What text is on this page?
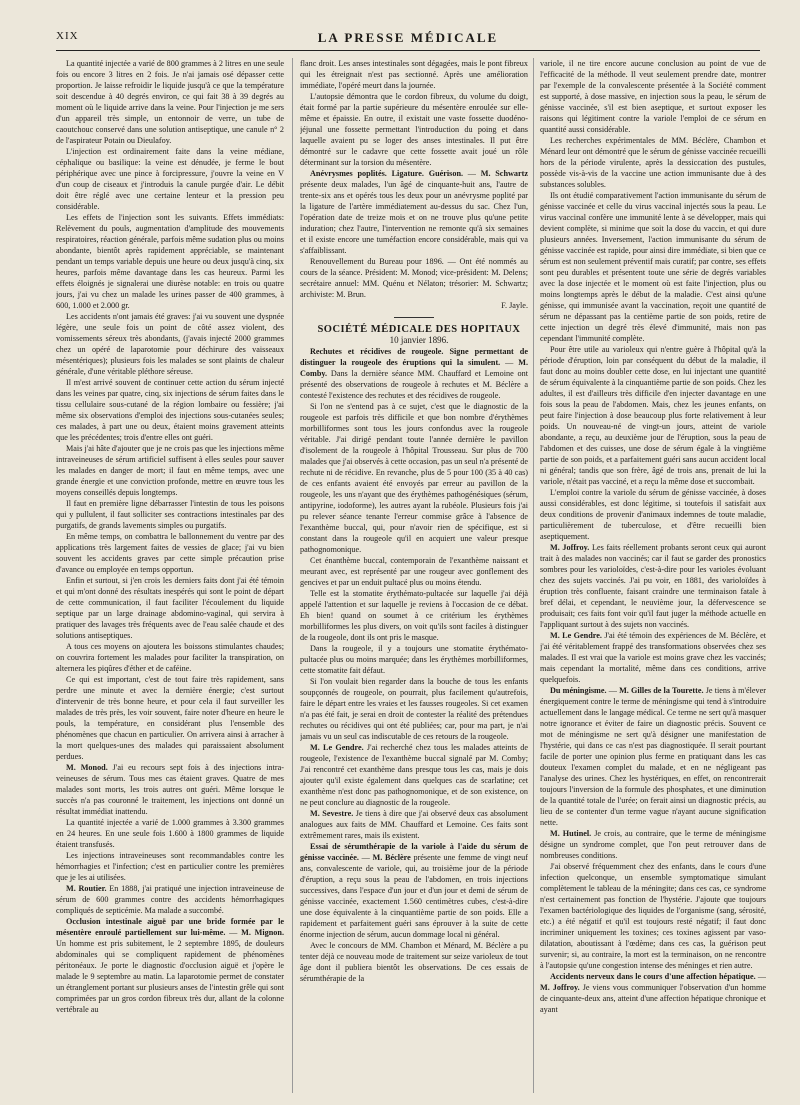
XIX	LA PRESSE MÉDICALE

La quantité injectée a varié de 800 grammes à 2 litres en une seule fois ou encore 3 litres en 2 fois. Je n'ai jamais osé dépasser cette proportion. Je laisse refroidir le liquide jusqu'à ce que la température soit descendue à 40 degrés environ, ce qui fait 38 à 39 degrés au moment où le liquide arrive dans la veine. Pour l'injection je me sers d'un appareil très simple, un entonnoir de verre, un tube de caoutchouc conservé dans une solution antiseptique, une canule n° 2 de l'aspirateur Potain ou Dieulafoy.

L'injection est ordinairement faite dans la veine médiane, céphalique ou basilique: la veine est dénudée, je ferme le bout périphérique avec une pince à forcipressure, j'ouvre la veine en V d'un coup de ciseaux et j'introduis la canule purgée d'air. Le débit doit être réglé avec une certaine lenteur et la pression peu considérable.

Les effets de l'injection sont les suivants. Effets immédiats: Relèvement du pouls, augmentation d'amplitude des mouvements respiratoires, réaction générale, parfois même sudation plus ou moins abondante, bientôt après rapidement appréciable, se maintenant pendant un temps variable depuis une heure ou deux jusqu'à cinq, six heures, parfois même davantage dans les cas heureux. Parmi les effets éloignés je signalerai une diurèse notable: en trois ou quatre jours, j'ai vu chez un malade les urines passer de 400 grammes, à 600, 1.000 et 2.000 gr.

Les accidents n'ont jamais été graves: j'ai vu souvent une dyspnée légère, une seule fois un point de côté assez violent, des vomissements séreux très abondants, (j'avais injecté 2000 grammes chez un opéré de laparotomie pour déchirure des vaisseaux mésentériques); plusieurs fois les malades se sont plaints de chaleur générale, d'une véritable pléthore séreuse.

Il m'est arrivé souvent de continuer cette action du sérum injecté dans les veines par quatre, cinq, six injections de sérum faites dans le tissu cellulaire sous-cutané de la région lombaire ou fessière; j'ai même six observations d'emploi des injections sous-cutanées seules; ces malades, à part une ou deux, étaient moins gravement atteints que les précédentes; trois d'entre elles ont guéri.

Mais j'ai hâte d'ajouter que je ne crois pas que les injections même intraveineuses de sérum artificiel suffisent à elles seules pour sauver les malades en danger de mort; il faut en même temps, avec une grande énergie et une conviction profonde, mettre en œuvre tous les moyens conseillés depuis longtemps.

Il faut en première ligne débarrasser l'intestin de tous les poisons qui y pullulent, il faut solliciter ses contractions intestinales par des purgatifs, de grands lavements simples ou purgatifs.

En même temps, on combattra le ballonnement du ventre par des applications très largement faites de vessies de glace; j'ai vu bien souvent les accidents graves par cette simple précaution prise d'avance ou employée en temps opportun.

Enfin et surtout, si j'en crois les derniers faits dont j'ai été témoin et qui m'ont donné des résultats inespérés qui sont le point de départ de cette communication, il faut faciliter l'écoulement du liquide septique par un large drainage abdomino-vaginal, qui servira à pratiquer des lavages très fréquents avec de l'eau salée chaude et des solutions antiseptiques.

A tous ces moyens on ajoutera les boissons stimulantes chaudes; on couvrira fortement les malades pour faciliter la transpiration, on alternera les piqûres d'éther et de caféine.

Ce qui est important, c'est de tout faire très rapidement, sans perdre une minute et avec la dernière énergie; c'est surtout d'intervenir de très bonne heure, et pour cela il faut surveiller les malades de très près, les voir souvent, faire noter d'heure en heure le pouls, la température, en considérant plus l'ensemble des phénomènes que chacun en particulier. On arrivera ainsi à arracher à la mort quelques-unes des malades qui paraissaient absolument perdues.

M. Monod. J'ai eu recours sept fois à des injections intra-veineuses de sérum. Tous mes cas étaient graves. Quatre de mes malades sont morts, les trois autres ont guéri. Même lorsque le succès n'a pas couronné le traitement, les injections ont donné un résultat immédiat inattendu.

La quantité injectée a varié de 1.000 grammes à 3.300 grammes en 24 heures. En une seule fois 1.600 à 1800 grammes de liquide étaient transfusés.

Les injections intraveineuses sont recommandables contre les hémorrhagies et l'infection; c'est en particulier contre les premières que je les ai utilisées.

M. Routier. En 1888, j'ai pratiqué une injection intraveineuse de sérum de 600 grammes contre des accidents hémorrhagiques compliqués de septicémie. Ma malade a succombé.

Occlusion intestinale aiguë par une bride formée par le mésentère enroulé partiellement sur lui-même. — M. Mignon. Un homme est pris subitement, le 2 septembre 1895, de douleurs abdominales qui se compliquent rapidement de phénomènes péritonéaux. Je porte le diagnostic d'occlusion aiguë et j'opère le malade le 9 septembre au matin. La laparotomie permet de constater un étranglement portant sur plusieurs anses de l'intestin grêle qui sont comprimées par un gros cordon fibreux très dur, allant de la colonne vertébrale au

flanc droit. Les anses intestinales sont dégagées, mais le pont fibreux qui les étreignait n'est pas sectionné. Après une amélioration immédiate, l'opéré meurt dans la journée.

L'autopsie démontra que le cordon fibreux, du volume du doigt, était formé par la partie supérieure du mésentère enroulée sur elle-même et épaissie. En outre, il existait une vaste fossette duodéno-jéjunal une fossette permettant l'introduction du poing et dans laquelle avaient pu se loger des anses intestinales. Il put être démontré sur le cadavre que cette fossette avait joué un rôle déterminant sur la torsion du mésentère.

Anévrysmes poplités. Ligature. Guérison. — M. Schwartz présente deux malades, l'un âgé de cinquante-huit ans, l'autre de trente-six ans et opérés tous les deux pour un anévrysme poplité par la ligature de l'artère immédiatement au-dessus du sac. Chez l'un, l'opération date de treize mois et on ne trouve plus qu'une petite induration; chez l'autre, l'intervention ne remonte qu'à six semaines et il existe encore une tuméfaction encore considérable, mais qui va s'affaiblissant.

Renouvellement du Bureau pour 1896. — Ont été nommés au cours de la séance. Président: M. Monod; vice-président: M. Delens; secrétaire annuel: MM. Quénu et Nélaton; trésorier: M. Schwartz; archiviste: M. Brun.

F. Jayle.

SOCIÉTÉ MÉDICALE DES HOPITAUX

10 janvier 1896.

Rechutes et récidives de rougeole. Signe permettant de distinguer la rougeole des éruptions qui la simulent. — M. Comby. Dans la dernière séance MM. Chauffard et Lemoine ont présenté des observations de rougeole à rechutes et M. Béclère a contesté l'existence des rechutes et des récidives de rougeole.

Si l'on ne s'entend pas à ce sujet, c'est que le diagnostic de la rougeole est parfois très difficile et que bon nombre d'érythèmes morbilliformes sont tous les jours confondus avec la rougeole véritable. J'ai dirigé pendant toute l'année dernière le pavillon d'isolement de la rougeole à l'hôpital Trousseau. Sur plus de 700 malades que j'ai observés à cette occasion, pas un seul n'a présenté de rechute ni de récidive. En revanche, plus de 5 pour 100 (35 à 40 cas) de ces enfants avaient été envoyés par erreur au pavillon de la rougeole, les uns n'ayant que des érythèmes pathogénésiques (sérum, antipyrine, iodoforme), les autres ayant la rubéole. Plusieurs fois j'ai pu relever séance tenante l'erreur commise grâce à l'absence de l'exanthème buccal, qui, pour n'avoir rien de spécifique, est si constant dans la rougeole qu'il en acquiert une valeur presque pathognomonique.

Cet énanthème buccal, contemporain de l'exanthème naissant et meurant avec, est représenté par une rougeur avec gonflement des gencives et par un enduit pultacé plus ou moins étendu.

Telle est la stomatite érythémato-pultacée sur laquelle j'ai déjà appelé l'attention et sur laquelle je reviens à l'occasion de ce débat. Eh bien! quand on soumet à ce critérium les érythèmes morbilliformes les plus divers, on voit qu'ils sont faciles à distinguer de la rougeole, dont ils ont pris le masque.

Dans la rougeole, il y a toujours une stomatite érythémato-pultacée plus ou moins marquée; dans les érythèmes morbilliformes, cette stomatite fait défaut.

Si l'on voulait bien regarder dans la bouche de tous les enfants soupçonnés de rougeole, on pourrait, plus facilement qu'autrefois, faire le départ entre les vraies et les fausses rougeoles. Si cet examen n'a pas été fait, je serai en droit de contester la réalité des prétendues rechutes ou récidives qui ont été publiées; car, pour ma part, je n'ai jamais vu un seul cas indiscutable de ces retours de la rougeole.

M. Le Gendre. J'ai recherché chez tous les malades atteints de rougeole, l'existence de l'exanthème buccal signalé par M. Comby; J'ai rencontré cet exanthème dans presque tous les cas, mais je dois ajouter qu'il existe également dans quelques cas de scarlatine; cet exanthème n'est donc pas pathognomonique, et de son existence, on ne peut conclure au diagnostic de la rougeole.

M. Sevestre. Je tiens à dire que j'ai observé deux cas absolument analogues aux faits de MM. Chauffard et Lemoine. Ces faits sont extrêmement rares, mais ils existent.

Essai de sérumthérapie de la variole à l'aide du sérum de génisse vaccinée. — M. Béclère présente une femme de vingt neuf ans, convalescente de variole, qui, au troisième jour de la période d'éruption, a reçu sous la peau de l'abdomen, en trois injections successives, dans l'espace d'un jour et d'un jour et demi de sérum de génisse vaccinée, exactement 1.560 centimètres cubes, c'est-à-dire une dose équivalente à la cinquantième partie de son poids. Elle a rapidement et parfaitement guéri sans éprouver à la suite de cette énorme injection de sérum, aucun dommage local ni général.

Avec le concours de MM. Chambon et Ménard, M. Béclère a pu tenter déjà ce nouveau mode de traitement sur seize varioleux de tout âge dont il publiera bientôt les observations. De ces essais de sérumthérapie de la

variole, il ne tire encore aucune conclusion au point de vue de l'efficacité de la méthode. Il veut seulement prendre date, montrer par l'exemple de la convalescente présentée à la Société comment est supporté, à dose massive, en injection sous la peau, le sérum de génisse vaccinée, s'il est bien aseptique, et surtout exposer les raisons qui légitiment contre la variole l'emploi de ce sérum en quantité aussi considérable.

Les recherches expérimentales de MM. Béclère, Chambon et Ménard leur ont démontré que le sérum de génisse vaccinée recueilli hors de la période virulente, après la dessiccation des pustules, possède vis-à-vis de la vaccine une action immunisante due à des substances solubles.

Ils ont étudié comparativement l'action immunisante du sérum de génisse vaccinée et celle du virus vaccinal injectés sous la peau. Le virus vaccinal confère une immunité lente à se développer, mais qui devient complète, si minime que soit la dose du vaccin, et qui dure plusieurs années. Inversement, l'action immunisante du sérum de génisse vaccinée est rapide, pour ainsi dire immédiate, si bien que ce sérum est non seulement préventif mais curatif; par contre, ses effets sont peu durables et présentent toute une série de degrés variables avec la dose injectée et le moment où est faite l'injection, plus ou moins longtemps après le début de la maladie. C'est ainsi qu'une génisse, qui immunisée avant la vaccination, reçoit une quantité de sérum ne dépassant pas la centième partie de son poids, retire de cette injection un degré très élevé d'immunité, mais non pas cependant l'immunité complète.

Pour être utile au varioleux qui n'entre guère à l'hôpital qu'à la période d'éruption, loin par conséquent du début de la maladie, il faut donc au moins doubler cette dose, en lui injectant une quantité de sérum équivalente à la cinquantième partie de son poids. Chez les adultes, il est d'ailleurs très difficile d'en injecter davantage en une fois sous la peau de l'abdomen. Mais, chez les jeunes enfants, on peut faire l'injection à dose beaucoup plus forte relativement à leur poids. Un nouveau-né de vingt-un jours, atteint de variole abondante, a reçu, au deuxième jour de l'éruption, sous la peau de l'abdomen et des cuisses, une dose de sérum égale à la vingtième partie de son poids, et a parfaitement guéri sans aucun accident local ni général; tandis que son frère, âgé de trois ans, prenait de lui la variole, n'était pas vacciné, et a reçu la même dose et succombait.

L'emploi contre la variole du sérum de génisse vaccinée, à doses aussi considérables, est donc légitime, si toutefois il satisfait aux deux conditions de provenir d'animaux indemnes de toute maladie, particulièrement de tuberculose, et d'être recueilli bien aseptiquement.

M. Joffroy. Les faits réellement probants seront ceux qui auront trait à des malades non vaccinés; car il faut se garder des pronostics sombres pour les varioloïdes, c'est-à-dire pour les varioles évoluant chez des sujets vaccinés. J'ai pu voir, en 1881, des varioloïdes à éruption très confluente, faisant craindre une terminaison fatale à bref délai, et cependant, le neuvième jour, la défervescence se produisait; ces faits font voir qu'il faut juger la méthode actuelle en l'appliquant surtout à des sujets non vaccinés.

M. Le Gendre. J'ai été témoin des expériences de M. Béclère, et j'ai été véritablement frappé des transformations observées chez ses malades. Il est vrai que la variole est moins grave chez les vaccinés; mais cependant la mortalité, même dans ces conditions, arrive quelquefois.

Du méningisme. — M. Gilles de la Tourette. Je tiens à m'élever énergiquement contre le terme de méningisme qui tend à s'introduire actuellement dans le langage médical. Ce terme ne sert qu'à masquer notre ignorance et éviter de faire un diagnostic précis. Souvent ce mot de méningisme ne sert qu'à désigner une manifestation de l'hystérie, qui dans ce cas n'est pas diagnostiquée. Il serait pourtant facile de porter une opinion plus ferme en pratiquant dans les cas douteux l'examen complet du malade, et en ne négligeant pas l'analyse des urines. Chez les hystériques, en effet, on rencontrerait toujours l'inversion de la formule des phosphates, et une diminution de la quantité totale de l'urée; on ferait ainsi un diagnostic précis, au lieu de se contenter d'un terme vague n'ayant aucune signification nette.

M. Hutinel. Je crois, au contraire, que le terme de méningisme désigne un syndrome complet, que l'on peut retrouver dans de nombreuses conditions.

J'ai observé fréquemment chez des enfants, dans le cours d'une infection quelconque, un ensemble symptomatique simulant complètement le tableau de la méningite; dans ces cas, ce syndrome n'est certainement pas fonction de l'hystérie. J'ajoute que toujours l'examen bactériologique des liquides de l'organisme (sang, sérosité, etc.) a été négatif et qu'il est toujours resté négatif; il faut donc incriminer uniquement les toxines; ces toxines agissent par vaso-dilatation, aboutissant à l'œdème; dans ces cas, la guérison peut survenir; si, au contraire, la mort est la terminaison, on ne rencontre à l'autopsie qu'une congestion intense des méninges et rien autre.

Accidents nerveux dans le cours d'une affection hépatique. — M. Joffroy. Je viens vous communiquer l'observation d'un homme de cinquante-deux ans, atteint d'une affection hépatique chronique et ayant
